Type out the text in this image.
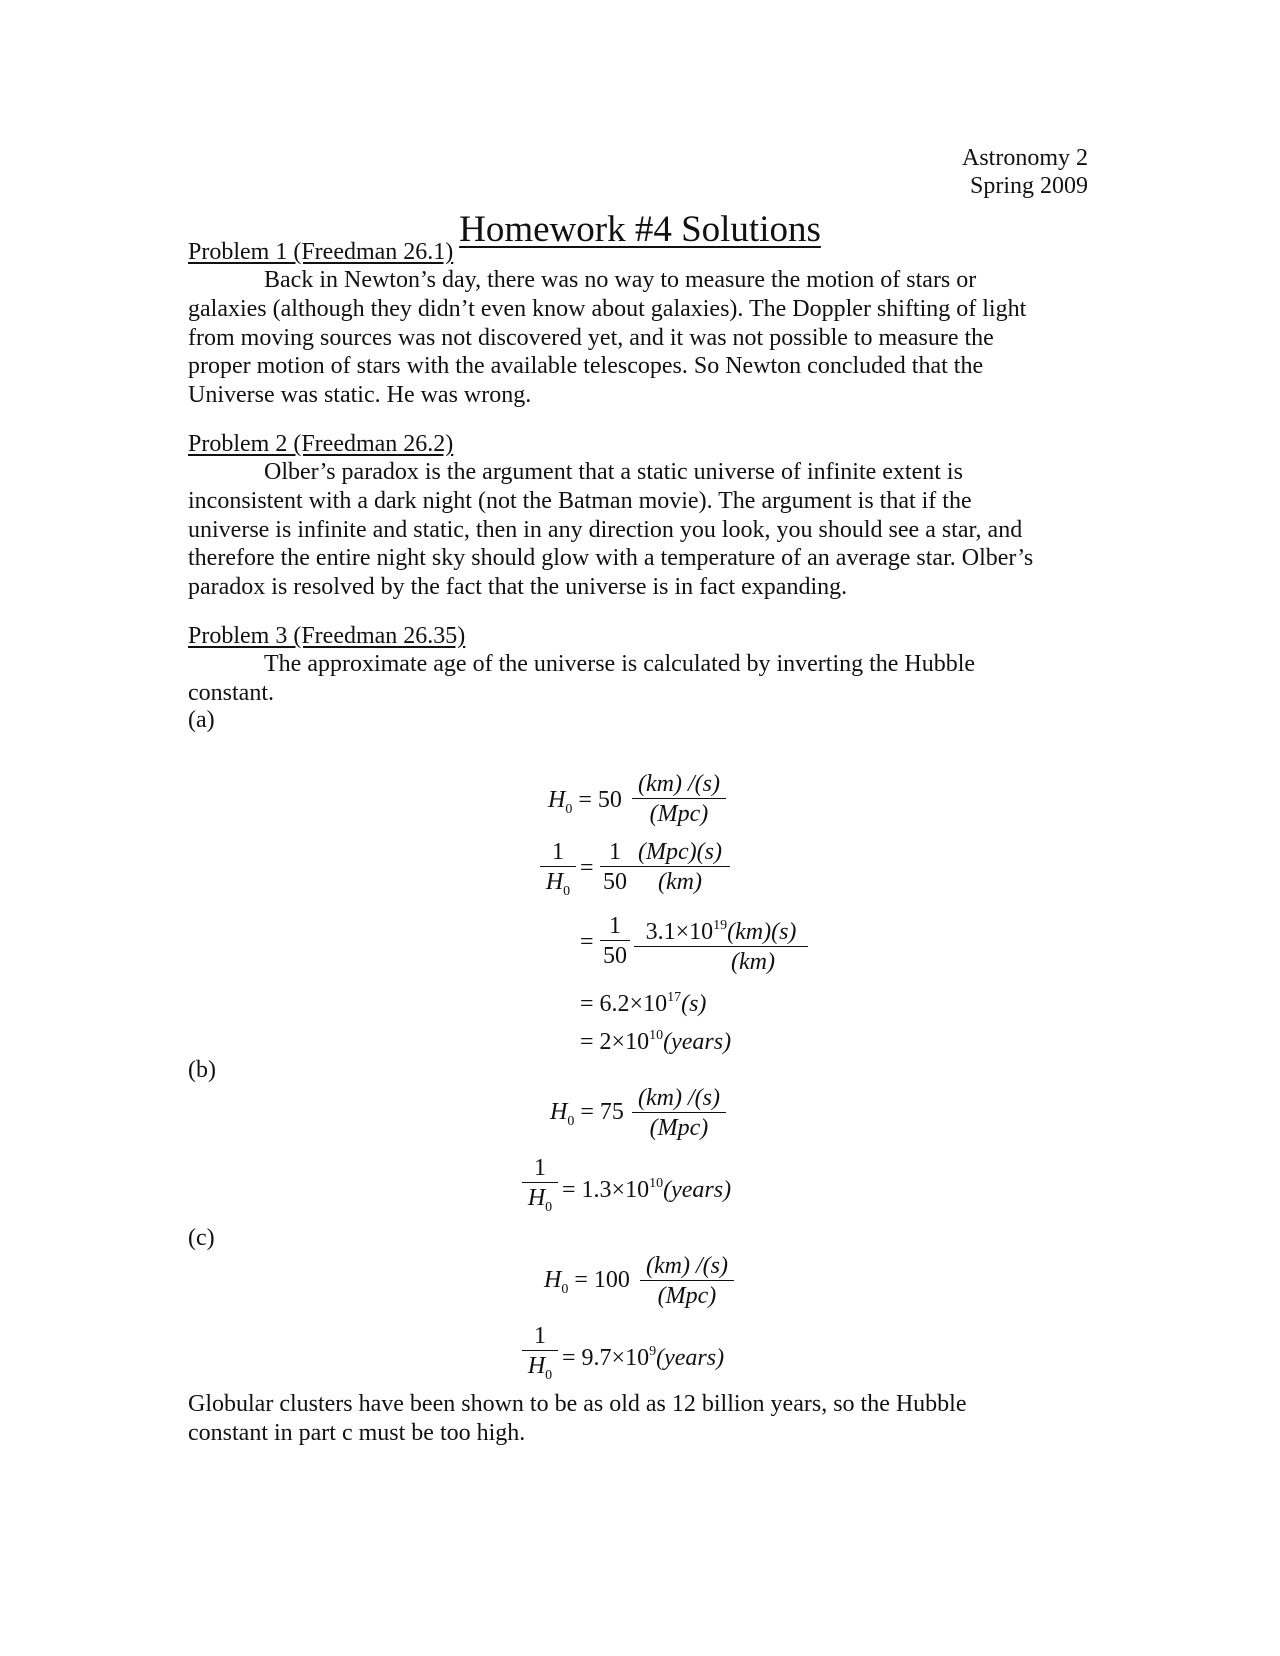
Astronomy 2
Spring 2009
Homework #4 Solutions
Problem 1 (Freedman 26.1)
Back in Newton’s day, there was no way to measure the motion of stars or
galaxies (although they didn’t even know about galaxies). The Doppler shifting of light
from moving sources was not discovered yet, and it was not possible to measure the
proper motion of stars with the available telescopes. So Newton concluded that the
Universe was static. He was wrong.
Problem 2 (Freedman 26.2)
Olber’s paradox is the argument that a static universe of infinite extent is
inconsistent with a dark night (not the Batman movie). The argument is that if the
universe is infinite and static, then in any direction you look, you should see a star, and
therefore the entire night sky should glow with a temperature of an average star. Olber’s
paradox is resolved by the fact that the universe is in fact expanding.
Problem 3 (Freedman 26.35)
The approximate age of the universe is calculated by inverting the Hubble
constant.
(a)
$H_0 = 50$
(km) /(s)
(Mpc)
1
$H_0$
=
1
50
(Mpc)(s)
(km)
=
1
50
$3.1\times 10^{19}(km)(s)$
(km)
= $6.2\times 10^{17}(s)$
= $2\times 10^{10}(years)$
(b)
$H_0 = 75$
(km) /(s)
(Mpc)
1
$H_0$
= $1.3\times 10^{10}(years)$
(c)
$H_0 = 100$
(km) /(s)
(Mpc)
1
$H_0$
= $9.7\times 10^9(years)$
Globular clusters have been shown to be as old as 12 billion years, so the Hubble
constant in part c must be too high.
